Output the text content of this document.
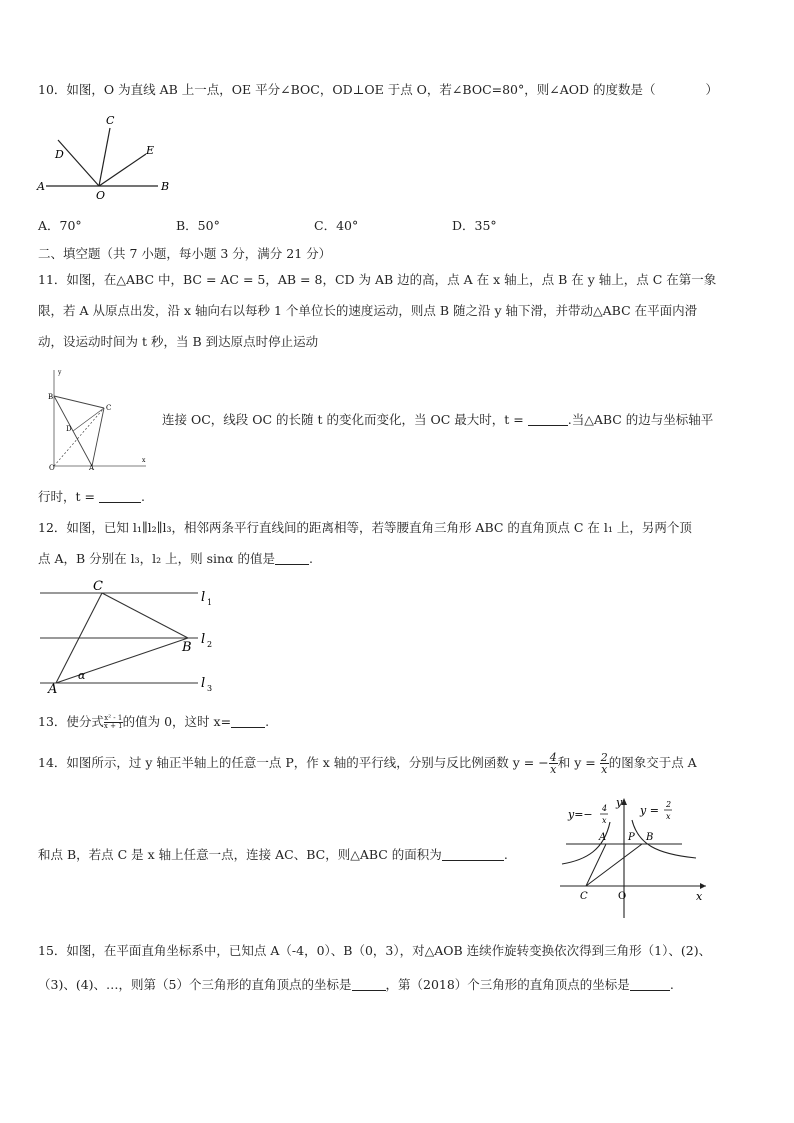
10．如图，O 为直线 AB 上一点，OE 平分∠BOC，OD⊥OE 于点 O，若∠BOC=80°，则∠AOD 的度数是（　　　　）
A	B
C
D	E
O
A．70°	B．50°	C．40°	D．35°
二、填空题（共 7 小题，每小题 3 分，满分 21 分）
11．如图，在△ABC 中，BC = AC = 5，AB = 8，CD 为 AB 边的高，点 A 在 x 轴上，点 B 在 y 轴上，点 C 在第一象
限，若 A 从原点出发，沿 x 轴向右以每秒 1 个单位长的速度运动，则点 B 随之沿 y 轴下滑，并带动△ABC 在平面内滑
动，设运动时间为 t 秒，当 B 到达原点时停止运动
y
x
B
C
D
O	A
连接 OC，线段 OC 的长随 t 的变化而变化，当 OC 最大时，t =	.当△ABC 的边与坐标轴平
行时，t =	.
12．如图，已知 l₁∥l₂∥l₃，相邻两条平行直线间的距离相等，若等腰直角三角形 ABC 的直角顶点 C 在 l₁ 上，另两个顶
点 A，B 分别在 l₃，l₂ 上，则 sinα 的值是	.
C
B
A
α
l 1
l 2
l 3
13．使分式 $\frac{\text{x² - 1}}{x + 1}$的值为 0，这时 x=	.
14．如图所示，过 y 轴正半轴上的任意一点 P，作 x 轴的平行线，分别与反比例函数 y = − $\frac{4}{x}$ 和 $y = \frac{2}{x}$ 的图象交于点 A
y=− 4
x
y
y = 2
x
A P B
C	O	x
和点 B，若点 C 是 x 轴上任意一点，连接 AC、BC，则△ABC 的面积为	.
15．如图，在平面直角坐标系中，已知点 A（-4，0）、B（0，3），对△AOB 连续作旋转变换依次得到三角形（1）、(2)、
（3)、(4)、…，则第（5）个三角形的直角顶点的坐标是	，第（2018）个三角形的直角顶点的坐标是	.
